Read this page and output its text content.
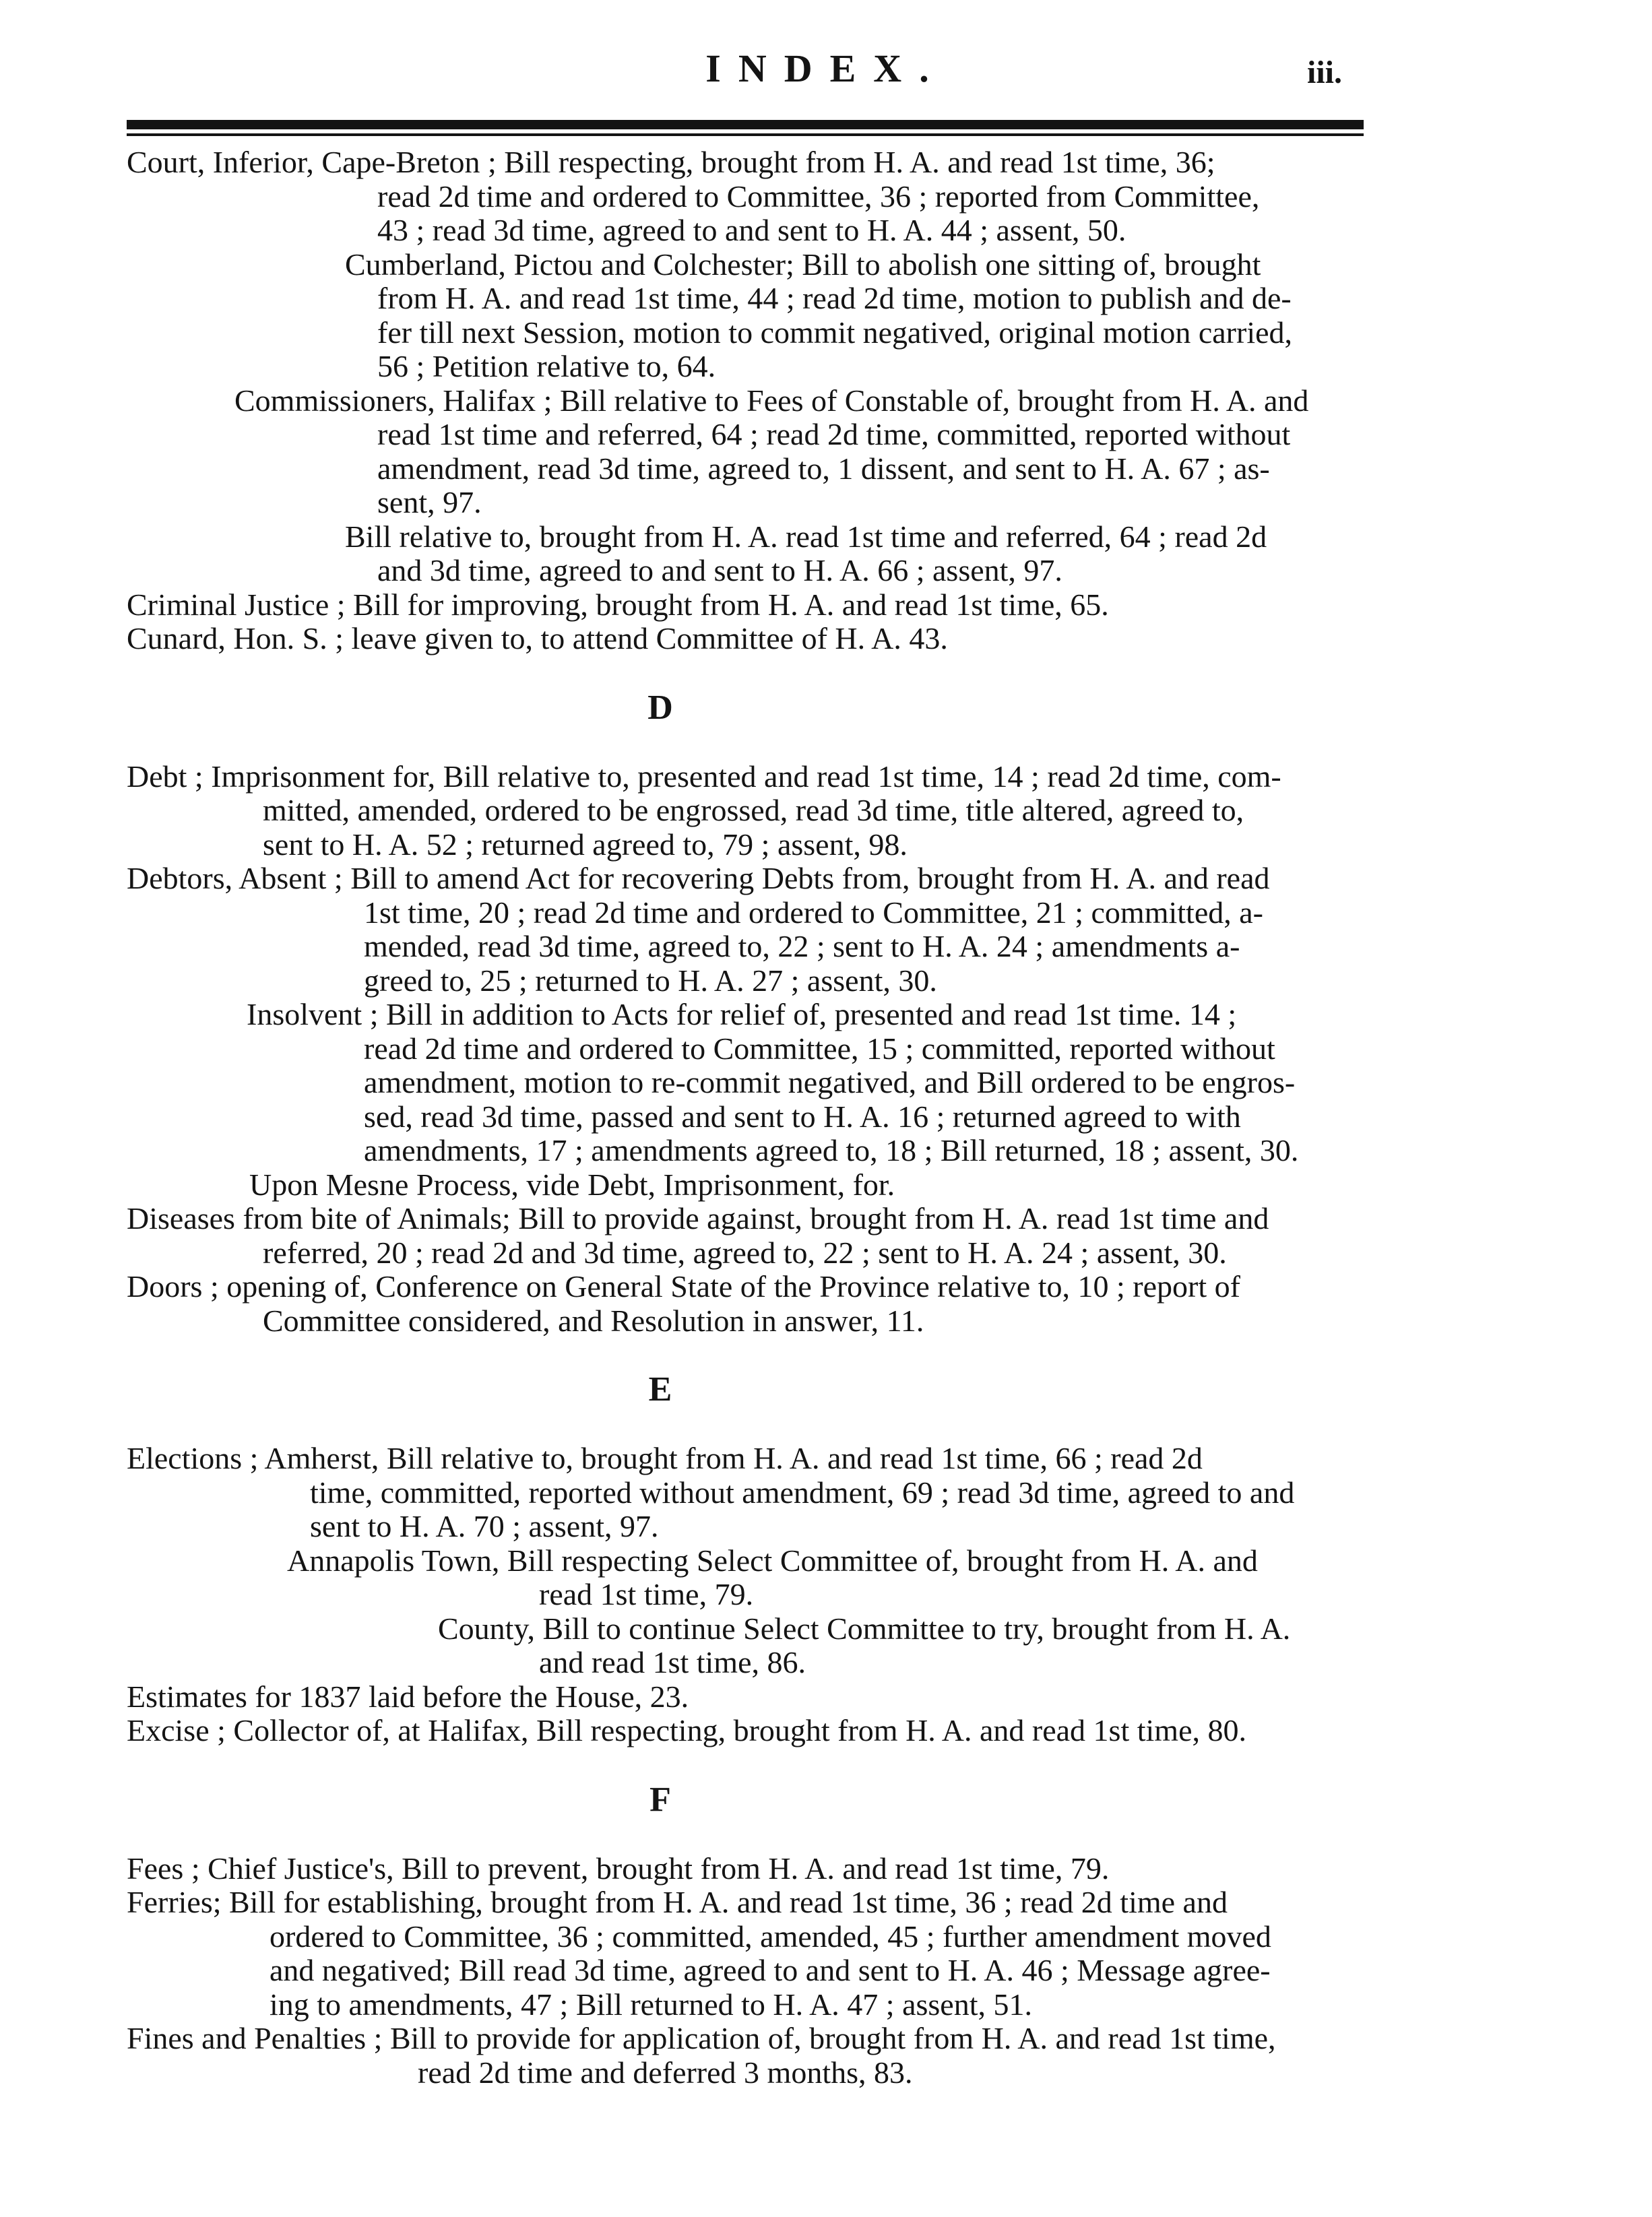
INDEX.	iii.

Court, Inferior, Cape-Breton ; Bill respecting, brought from H. A. and read 1st time, 36;

read 2d time and ordered to Committee, 36 ; reported from Committee,

43 ; read 3d time, agreed to and sent to H. A. 44 ; assent, 50.

Cumberland, Pictou and Colchester; Bill to abolish one sitting of, brought

from H. A. and read 1st time, 44 ; read 2d time, motion to publish and de-

fer till next Session, motion to commit negatived, original motion carried,

56 ; Petition relative to, 64.

Commissioners, Halifax ; Bill relative to Fees of Constable of, brought from H. A. and

read 1st time and referred, 64 ; read 2d time, committed, reported without

amendment, read 3d time, agreed to, 1 dissent, and sent to H. A. 67 ; as-

sent, 97.

Bill relative to, brought from H. A. read 1st time and referred, 64 ; read 2d

and 3d time, agreed to and sent to H. A. 66 ; assent, 97.

Criminal Justice ; Bill for improving, brought from H. A. and read 1st time, 65.

Cunard, Hon. S. ; leave given to, to attend Committee of H. A. 43.

D

Debt ; Imprisonment for, Bill relative to, presented and read 1st time, 14 ; read 2d time, com-

mitted, amended, ordered to be engrossed, read 3d time, title altered, agreed to,

sent to H. A. 52 ; returned agreed to, 79 ; assent, 98.

Debtors, Absent ; Bill to amend Act for recovering Debts from, brought from H. A. and read

1st time, 20 ; read 2d time and ordered to Committee, 21 ; committed, a-

mended, read 3d time, agreed to, 22 ; sent to H. A. 24 ; amendments a-

greed to, 25 ; returned to H. A. 27 ; assent, 30.

Insolvent ; Bill in addition to Acts for relief of, presented and read 1st time. 14 ;

read 2d time and ordered to Committee, 15 ; committed, reported without

amendment, motion to re-commit negatived, and Bill ordered to be engros-

sed, read 3d time, passed and sent to H. A. 16 ; returned agreed to with

amendments, 17 ; amendments agreed to, 18 ; Bill returned, 18 ; assent, 30.

Upon Mesne Process, vide Debt, Imprisonment, for.

Diseases from bite of Animals; Bill to provide against, brought from H. A. read 1st time and

referred, 20 ; read 2d and 3d time, agreed to, 22 ; sent to H. A. 24 ; assent, 30.

Doors ; opening of, Conference on General State of the Province relative to, 10 ; report of

Committee considered, and Resolution in answer, 11.

E

Elections ; Amherst, Bill relative to, brought from H. A. and read 1st time, 66 ; read 2d

time, committed, reported without amendment, 69 ; read 3d time, agreed to and

sent to H. A. 70 ; assent, 97.

Annapolis Town, Bill respecting Select Committee of, brought from H. A. and

read 1st time, 79.

County, Bill to continue Select Committee to try, brought from H. A.

and read 1st time, 86.

Estimates for 1837 laid before the House, 23.

Excise ; Collector of, at Halifax, Bill respecting, brought from H. A. and read 1st time, 80.

F

Fees ; Chief Justice's, Bill to prevent, brought from H. A. and read 1st time, 79.

Ferries; Bill for establishing, brought from H. A. and read 1st time, 36 ; read 2d time and

ordered to Committee, 36 ; committed, amended, 45 ; further amendment moved

and negatived; Bill read 3d time, agreed to and sent to H. A. 46 ; Message agree-

ing to amendments, 47 ; Bill returned to H. A. 47 ; assent, 51.

Fines and Penalties ; Bill to provide for application of, brought from H. A. and read 1st time,

read 2d time and deferred 3 months, 83.
